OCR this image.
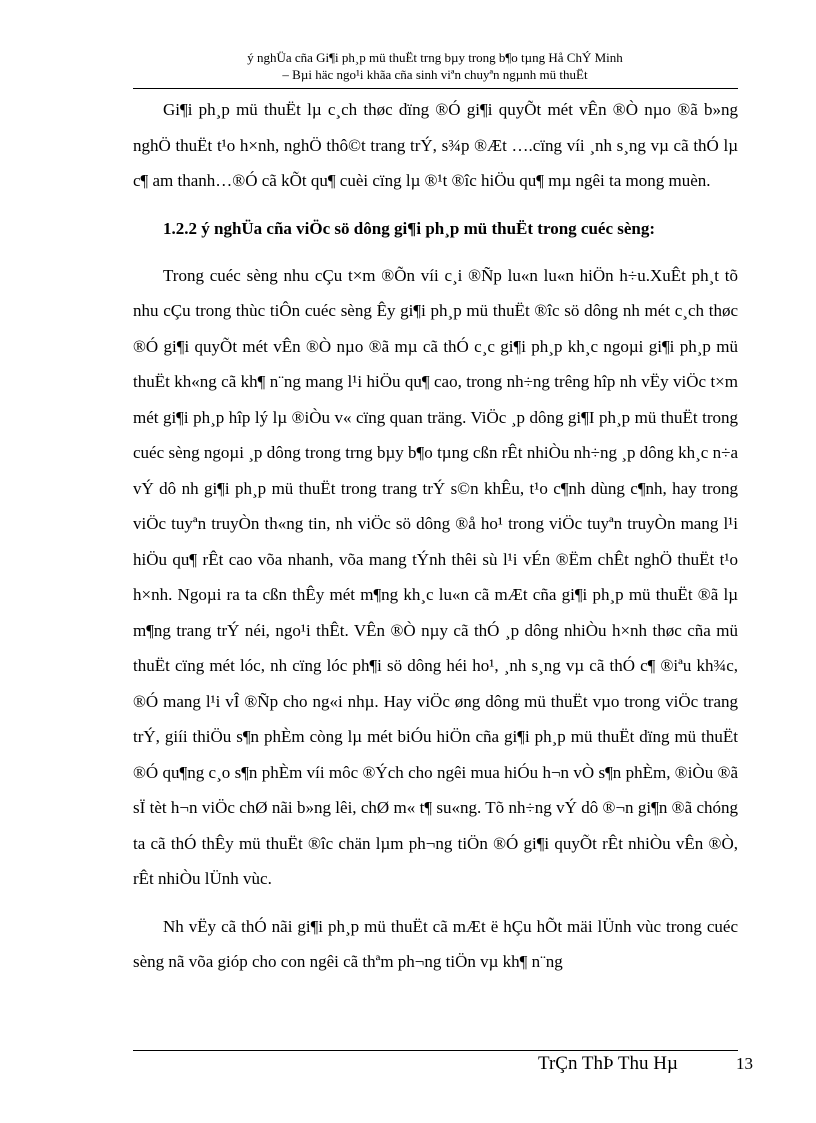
ý nghÜa cña Gi¶i ph¸p mü thuËt trng bµy trong b¶o tµng Hå ChÝ Minh
– Bµi häc ngo¹i khãa cña sinh viªn chuyªn ngµnh mü thuËt

Gi¶i ph¸p mü thuËt lµ c¸ch thøc dïng ®Ó gi¶i quyÕt mét vÊn ®Ò nµo ®ã b»ng nghÖ thuËt t¹o h×nh, nghÖ thô©t trang trÝ, s¾p ®Æt ….cïng víi ¸nh s¸ng vµ cã thÓ lµ c¶ am thanh…®Ó cã kÕt qu¶ cuèi cïng lµ ®¹t ®îc hiÖu qu¶ mµ ngêi ta mong muèn.

1.2.2 ý nghÜa cña viÖc sö dông gi¶i ph¸p mü thuËt trong cuéc sèng:

Trong cuéc sèng nhu cÇu t×m ®Õn víi c¸i ®Ñp lu«n lu«n hiÖn h÷u.XuÊt ph¸t tõ nhu cÇu trong thùc tiÔn cuéc sèng Êy gi¶i ph¸p mü thuËt ®îc sö dông nh mét c¸ch thøc ®Ó gi¶i quyÕt mét vÊn ®Ò nµo ®ã mµ cã thÓ c¸c gi¶i ph¸p kh¸c ngoµi gi¶i ph¸p mü thuËt kh«ng cã kh¶ n¨ng mang l¹i hiÖu qu¶ cao, trong nh÷ng trêng hîp nh vËy viÖc t×m mét gi¶i ph¸p hîp lý lµ ®iÒu v« cïng quan träng. ViÖc ¸p dông gi¶I ph¸p mü thuËt trong cuéc sèng ngoµi ¸p dông trong trng bµy b¶o tµng cßn rÊt nhiÒu nh÷ng ¸p dông kh¸c n÷a vÝ dô nh gi¶i ph¸p mü thuËt trong trang trÝ s©n khÊu, t¹o c¶nh dùng c¶nh, hay trong viÖc tuyªn truyÒn th«ng tin, nh viÖc sö dông ®å ho¹ trong viÖc tuyªn truyÒn mang l¹i hiÖu qu¶ rÊt cao võa nhanh, võa mang tÝnh thêi sù l¹i vÉn ®Ëm chÊt nghÖ thuËt t¹o h×nh. Ngoµi ra ta cßn thÊy mét m¶ng kh¸c lu«n cã mÆt cña gi¶i ph¸p mü thuËt ®ã lµ m¶ng trang trÝ néi, ngo¹i thÊt. VÊn ®Ò nµy cã thÓ ¸p dông nhiÒu h×nh thøc cña mü thuËt cïng mét lóc, nh cïng lóc ph¶i sö dông héi ho¹, ¸nh s¸ng vµ cã thÓ c¶ ®iªu kh¾c, ®Ó mang l¹i vÎ ®Ñp cho ng«i nhµ. Hay viÖc øng dông mü thuËt vµo trong viÖc trang trÝ, giíi thiÖu s¶n phÈm còng lµ mét biÓu hiÖn cña gi¶i ph¸p mü thuËt dïng mü thuËt ®Ó qu¶ng c¸o s¶n phÈm víi môc ®Ých cho ngêi mua hiÓu h¬n vÒ s¶n phÈm, ®iÒu ®ã sÏ tèt h¬n viÖc chØ nãi b»ng lêi, chØ m« t¶ su«ng. Tõ nh÷ng vÝ dô ®¬n gi¶n ®ã chóng ta cã thÓ thÊy mü thuËt ®îc chän lµm ph¬ng tiÖn ®Ó gi¶i quyÕt rÊt nhiÒu vÊn ®Ò, rÊt nhiÒu lÜnh vùc.

Nh vËy cã thÓ nãi gi¶i ph¸p mü thuËt cã mÆt ë hÇu hÕt mäi lÜnh vùc trong cuéc sèng nã võa gióp cho con ngêi cã thªm ph¬ng tiÖn vµ kh¶ n¨ng

TrÇn ThÞ Thu Hµ	13
